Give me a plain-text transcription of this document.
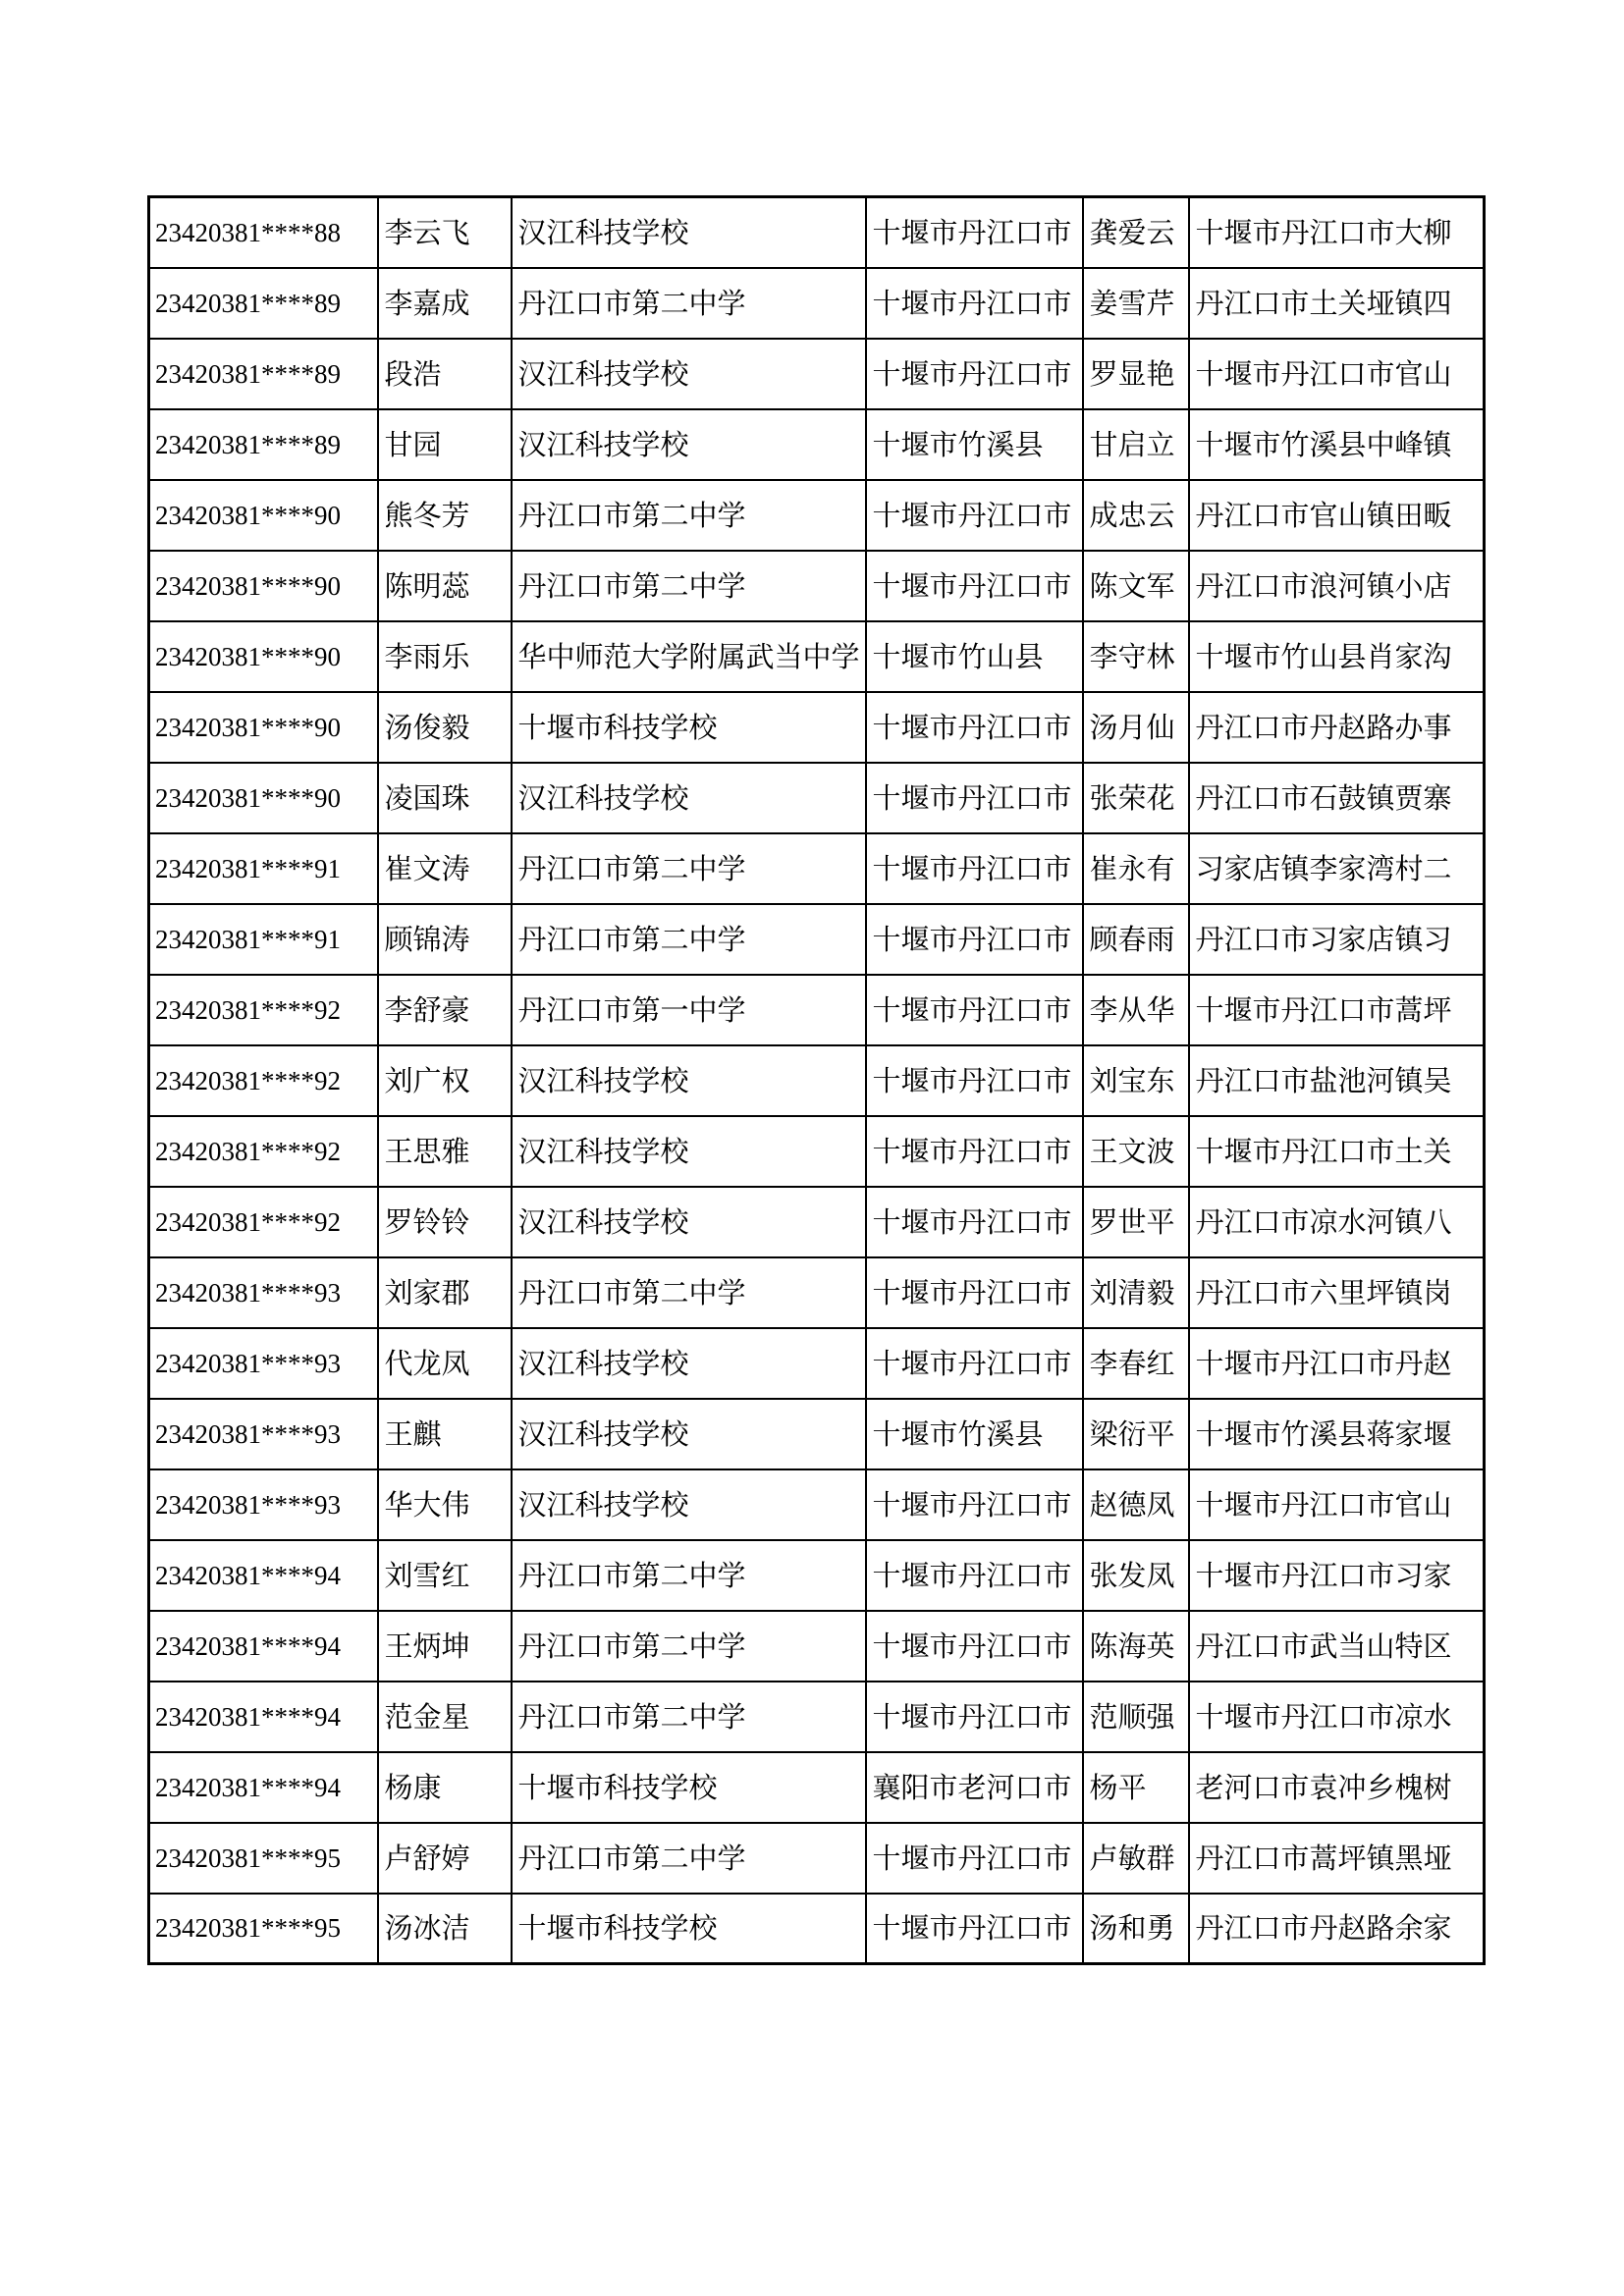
23420381****88	李云飞	汉江科技学校	十堰市丹江口市	龚爱云	十堰市丹江口市大柳
23420381****89	李嘉成	丹江口市第二中学	十堰市丹江口市	姜雪芹	丹江口市土关垭镇四
23420381****89	段浩	汉江科技学校	十堰市丹江口市	罗显艳	十堰市丹江口市官山
23420381****89	甘园	汉江科技学校	十堰市竹溪县	甘启立	十堰市竹溪县中峰镇
23420381****90	熊冬芳	丹江口市第二中学	十堰市丹江口市	成忠云	丹江口市官山镇田畈
23420381****90	陈明蕊	丹江口市第二中学	十堰市丹江口市	陈文军	丹江口市浪河镇小店
23420381****90	李雨乐	华中师范大学附属武当中学	十堰市竹山县	李守林	十堰市竹山县肖家沟
23420381****90	汤俊毅	十堰市科技学校	十堰市丹江口市	汤月仙	丹江口市丹赵路办事
23420381****90	凌国珠	汉江科技学校	十堰市丹江口市	张荣花	丹江口市石鼓镇贾寨
23420381****91	崔文涛	丹江口市第二中学	十堰市丹江口市	崔永有	习家店镇李家湾村二
23420381****91	顾锦涛	丹江口市第二中学	十堰市丹江口市	顾春雨	丹江口市习家店镇习
23420381****92	李舒豪	丹江口市第一中学	十堰市丹江口市	李从华	十堰市丹江口市蒿坪
23420381****92	刘广权	汉江科技学校	十堰市丹江口市	刘宝东	丹江口市盐池河镇吴
23420381****92	王思雅	汉江科技学校	十堰市丹江口市	王文波	十堰市丹江口市土关
23420381****92	罗铃铃	汉江科技学校	十堰市丹江口市	罗世平	丹江口市凉水河镇八
23420381****93	刘家郡	丹江口市第二中学	十堰市丹江口市	刘清毅	丹江口市六里坪镇岗
23420381****93	代龙凤	汉江科技学校	十堰市丹江口市	李春红	十堰市丹江口市丹赵
23420381****93	王麒	汉江科技学校	十堰市竹溪县	梁衍平	十堰市竹溪县蒋家堰
23420381****93	华大伟	汉江科技学校	十堰市丹江口市	赵德凤	十堰市丹江口市官山
23420381****94	刘雪红	丹江口市第二中学	十堰市丹江口市	张发凤	十堰市丹江口市习家
23420381****94	王炳坤	丹江口市第二中学	十堰市丹江口市	陈海英	丹江口市武当山特区
23420381****94	范金星	丹江口市第二中学	十堰市丹江口市	范顺强	十堰市丹江口市凉水
23420381****94	杨康	十堰市科技学校	襄阳市老河口市	杨平	老河口市袁冲乡槐树
23420381****95	卢舒婷	丹江口市第二中学	十堰市丹江口市	卢敏群	丹江口市蒿坪镇黑垭
23420381****95	汤冰洁	十堰市科技学校	十堰市丹江口市	汤和勇	丹江口市丹赵路余家
